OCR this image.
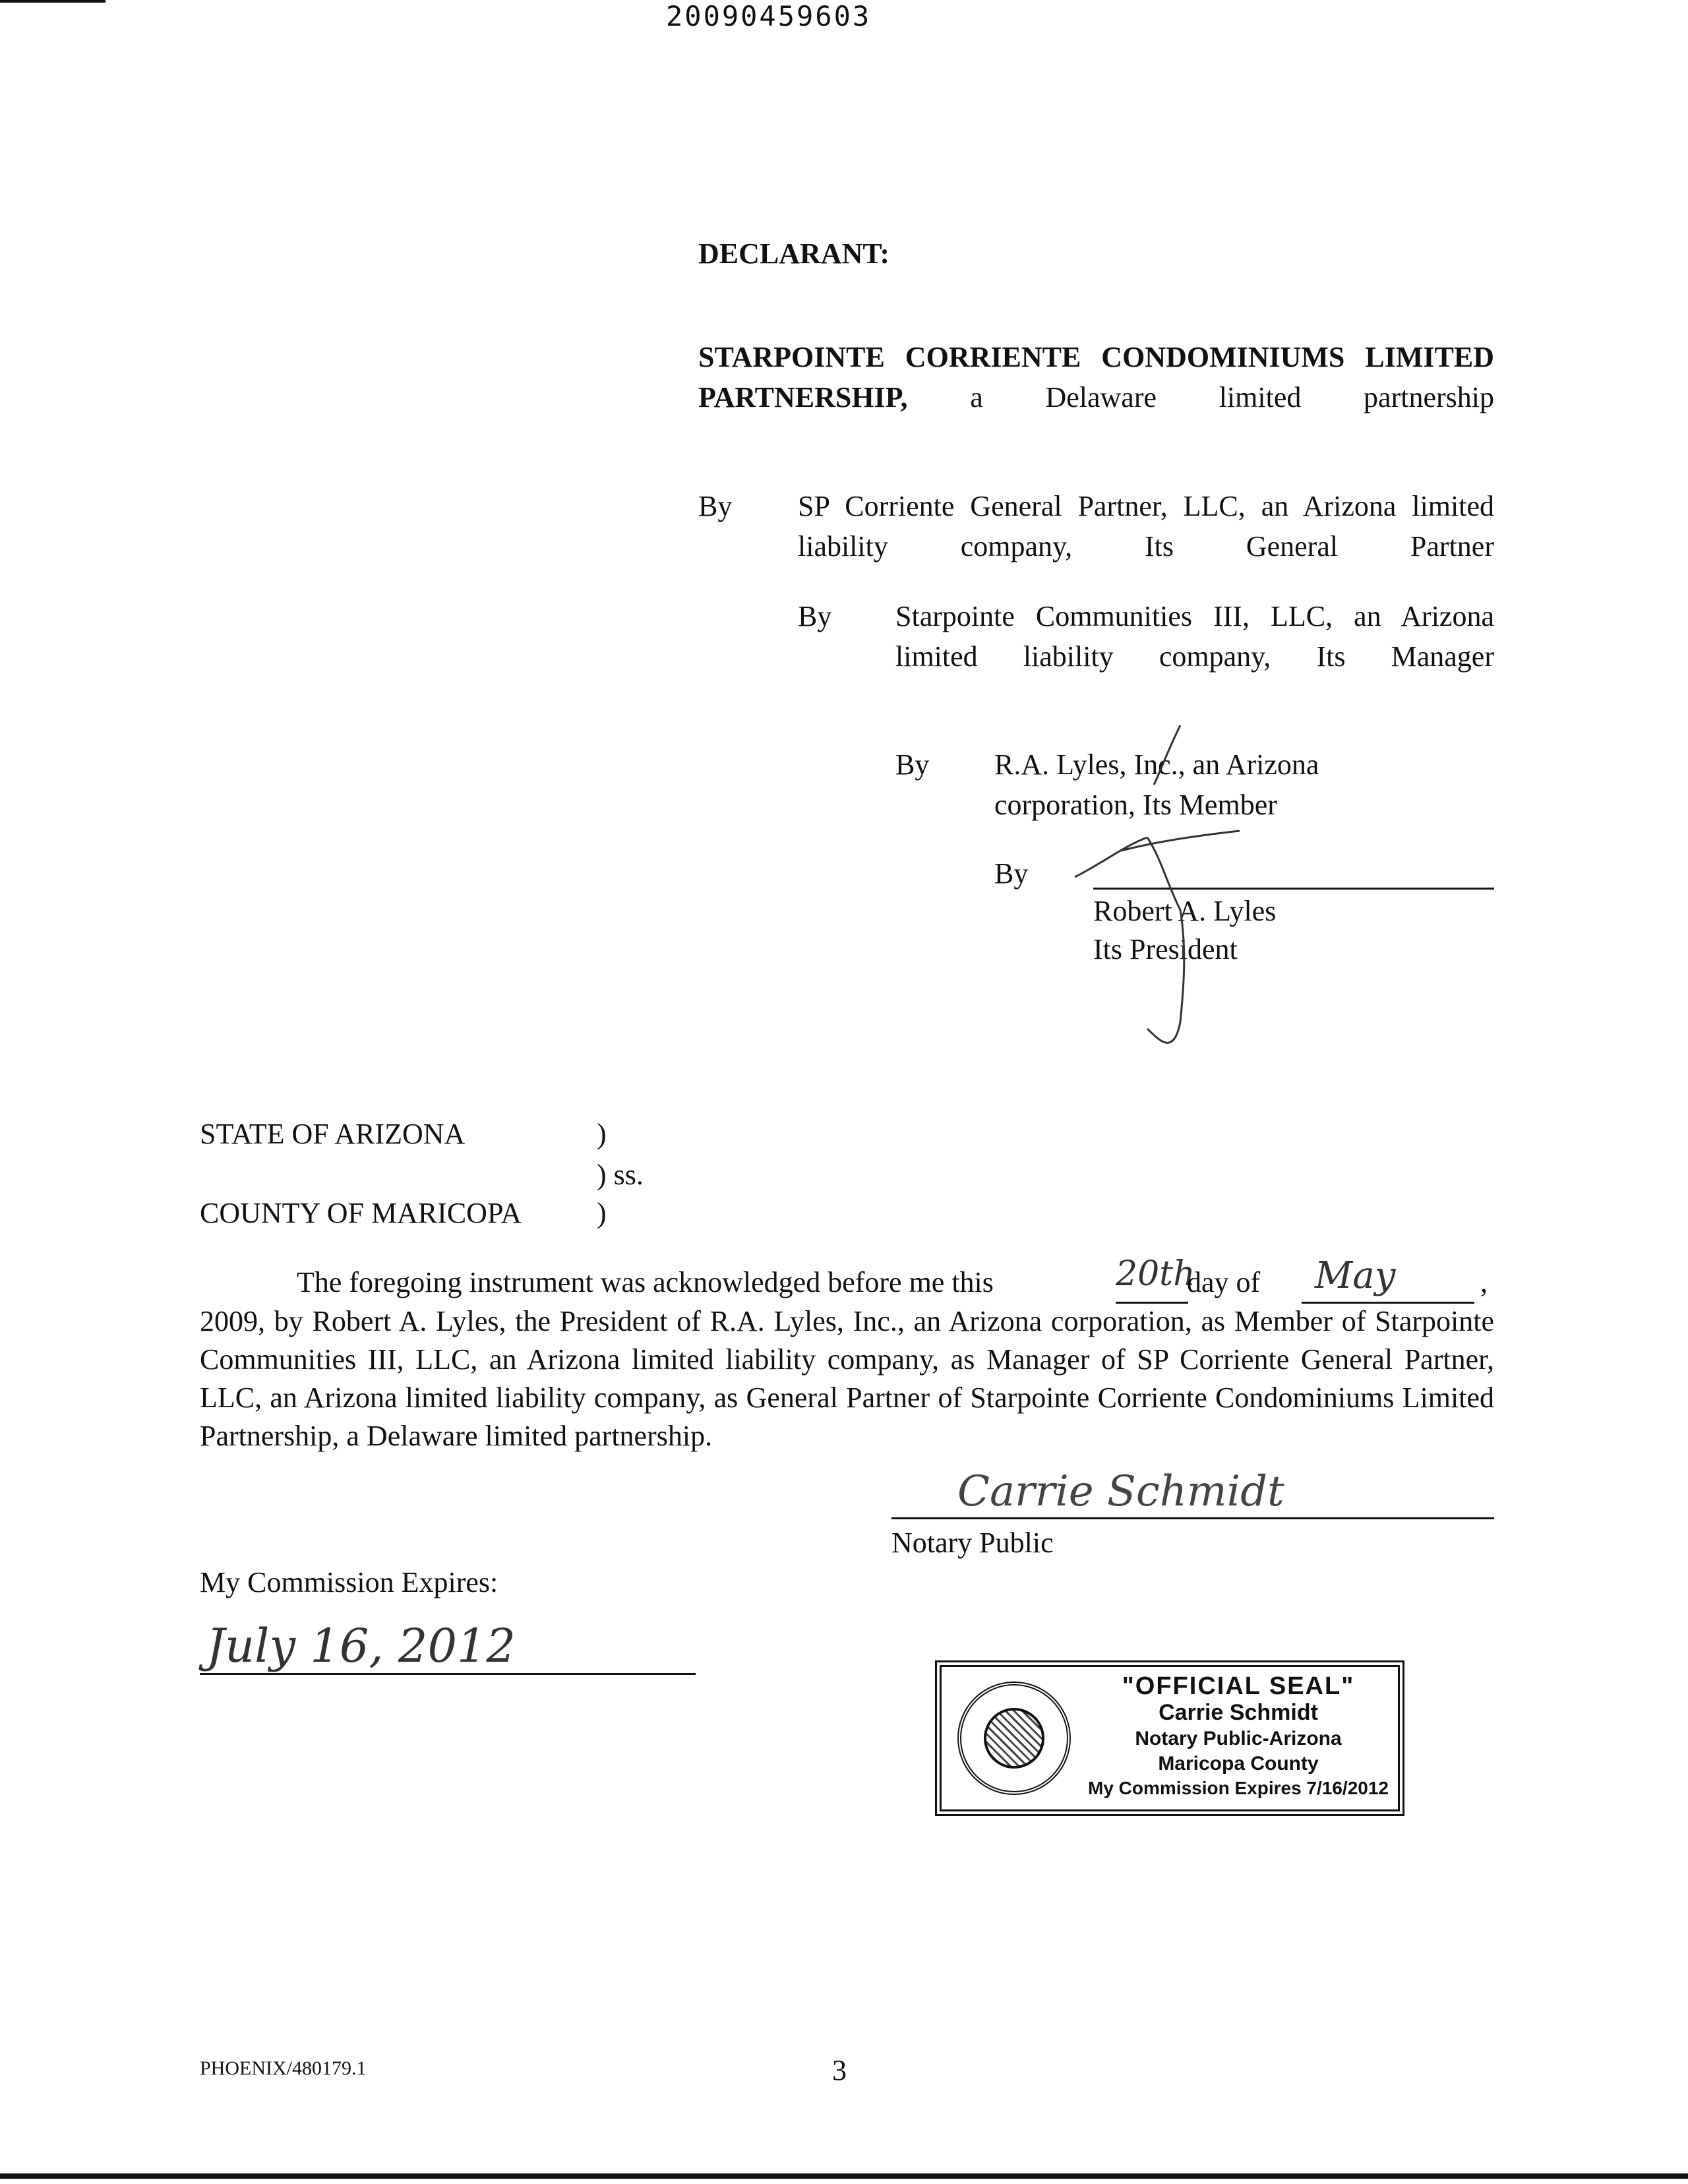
20090459603
DECLARANT:
STARPOINTE CORRIENTE CONDOMINIUMS LIMITED PARTNERSHIP, a Delaware limited partnership
By SP Corriente General Partner, LLC, an Arizona limited liability company, Its General Partner
By Starpointe Communities III, LLC, an Arizona limited liability company, Its Manager
By R.A. Lyles, Inc., an Arizona corporation, Its Member
By
Robert A. Lyles
Its President
STATE OF ARIZONA	)
) ss.
COUNTY OF MARICOPA	)
The foregoing instrument was acknowledged before me this	20th
day of	May	,
2009, by Robert A. Lyles, the President of R.A. Lyles, Inc., an Arizona corporation, as Member of Starpointe Communities III, LLC, an Arizona limited liability company, as Manager of SP Corriente General Partner, LLC, an Arizona limited liability company, as General Partner of Starpointe Corriente Condominiums Limited Partnership, a Delaware limited partnership.
Carrie Schmidt
Notary Public
My Commission Expires:
July 16, 2012
"OFFICIAL SEAL"
Carrie Schmidt
Notary Public-Arizona
Maricopa County
My Commission Expires 7/16/2012
PHOENIX/480179.1	3
